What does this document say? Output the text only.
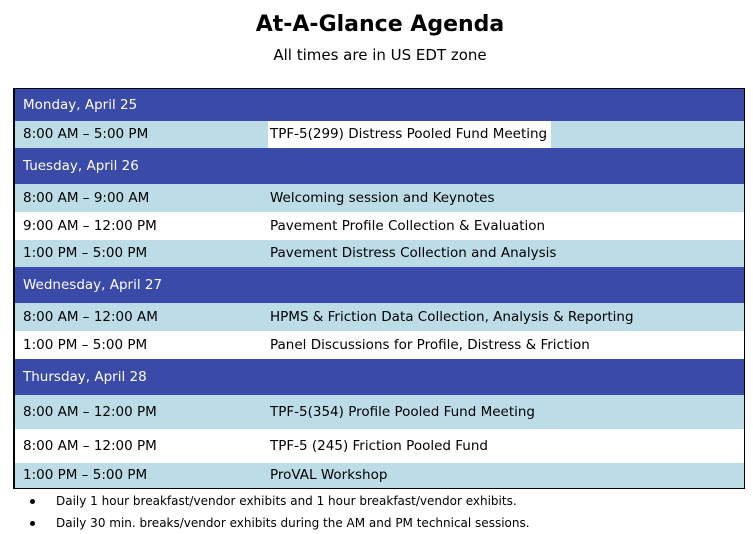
At-A-Glance Agenda
All times are in US EDT zone
Monday, April 25
8:00 AM – 5:00 PM	TPF-5(299) Distress Pooled Fund Meeting
Tuesday, April 26
8:00 AM – 9:00 AM	Welcoming session and Keynotes
9:00 AM – 12:00 PM	Pavement Profile Collection & Evaluation
1:00 PM – 5:00 PM	Pavement Distress Collection and Analysis
Wednesday, April 27
8:00 AM – 12:00 AM	HPMS & Friction Data Collection, Analysis & Reporting
1:00 PM – 5:00 PM	Panel Discussions for Profile, Distress & Friction
Thursday, April 28
8:00 AM – 12:00 PM	TPF-5(354) Profile Pooled Fund Meeting
8:00 AM – 12:00 PM	TPF-5 (245) Friction Pooled Fund
1:00 PM – 5:00 PM	ProVAL Workshop
Daily 1 hour breakfast/vendor exhibits and 1 hour breakfast/vendor exhibits.
Daily 30 min. breaks/vendor exhibits during the AM and PM technical sessions.
